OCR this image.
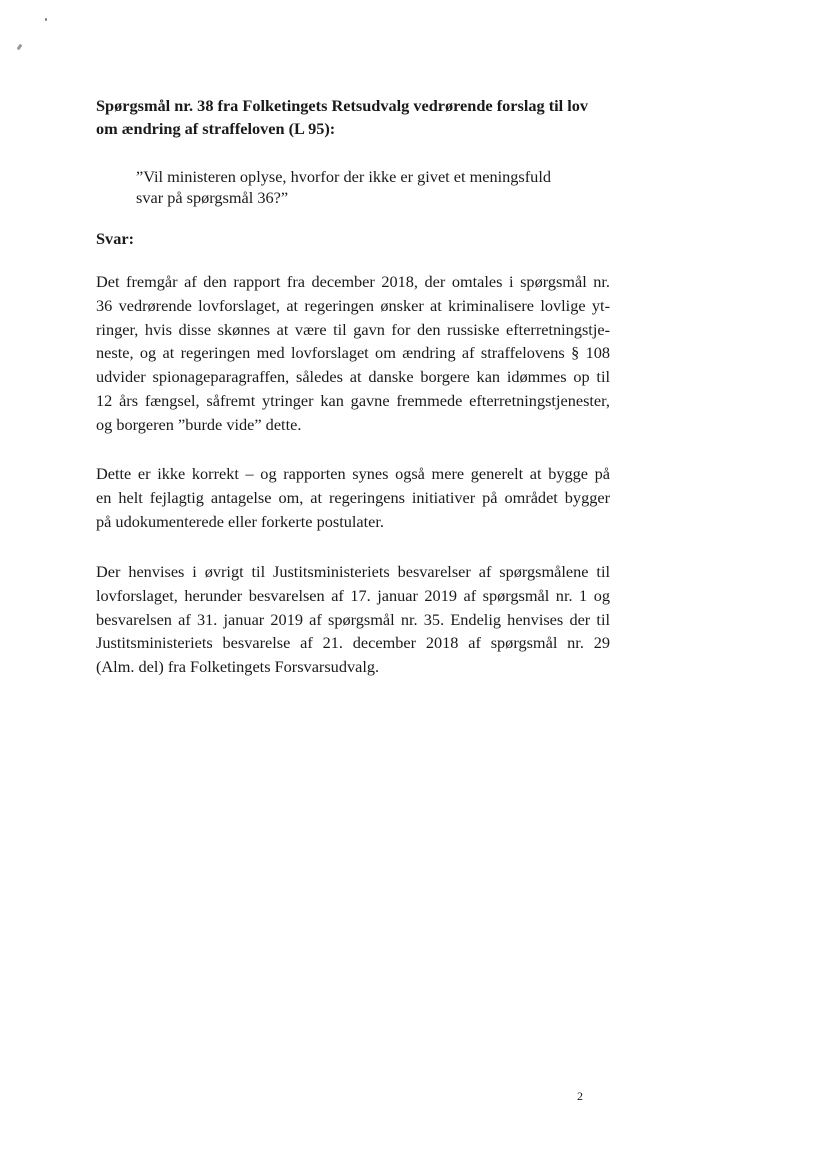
Spørgsmål nr. 38 fra Folketingets Retsudvalg vedrørende forslag til lov
om ændring af straffeloven (L 95):
”Vil ministeren oplyse, hvorfor der ikke er givet et meningsfuld
svar på spørgsmål 36?”
Svar:
Det fremgår af den rapport fra december 2018, der omtales i spørgsmål nr.
36 vedrørende lovforslaget, at regeringen ønsker at kriminalisere lovlige yt-
ringer, hvis disse skønnes at være til gavn for den russiske efterretningstje-
neste, og at regeringen med lovforslaget om ændring af straffelovens § 108
udvider spionageparagraffen, således at danske borgere kan idømmes op til
12 års fængsel, såfremt ytringer kan gavne fremmede efterretningstjenester,
og borgeren ”burde vide” dette.
Dette er ikke korrekt – og rapporten synes også mere generelt at bygge på
en helt fejlagtig antagelse om, at regeringens initiativer på området bygger
på udokumenterede eller forkerte postulater.
Der henvises i øvrigt til Justitsministeriets besvarelser af spørgsmålene til
lovforslaget, herunder besvarelsen af 17. januar 2019 af spørgsmål nr. 1 og
besvarelsen af 31. januar 2019 af spørgsmål nr. 35. Endelig henvises der til
Justitsministeriets besvarelse af 21. december 2018 af spørgsmål nr. 29
(Alm. del) fra Folketingets Forsvarsudvalg.
2
